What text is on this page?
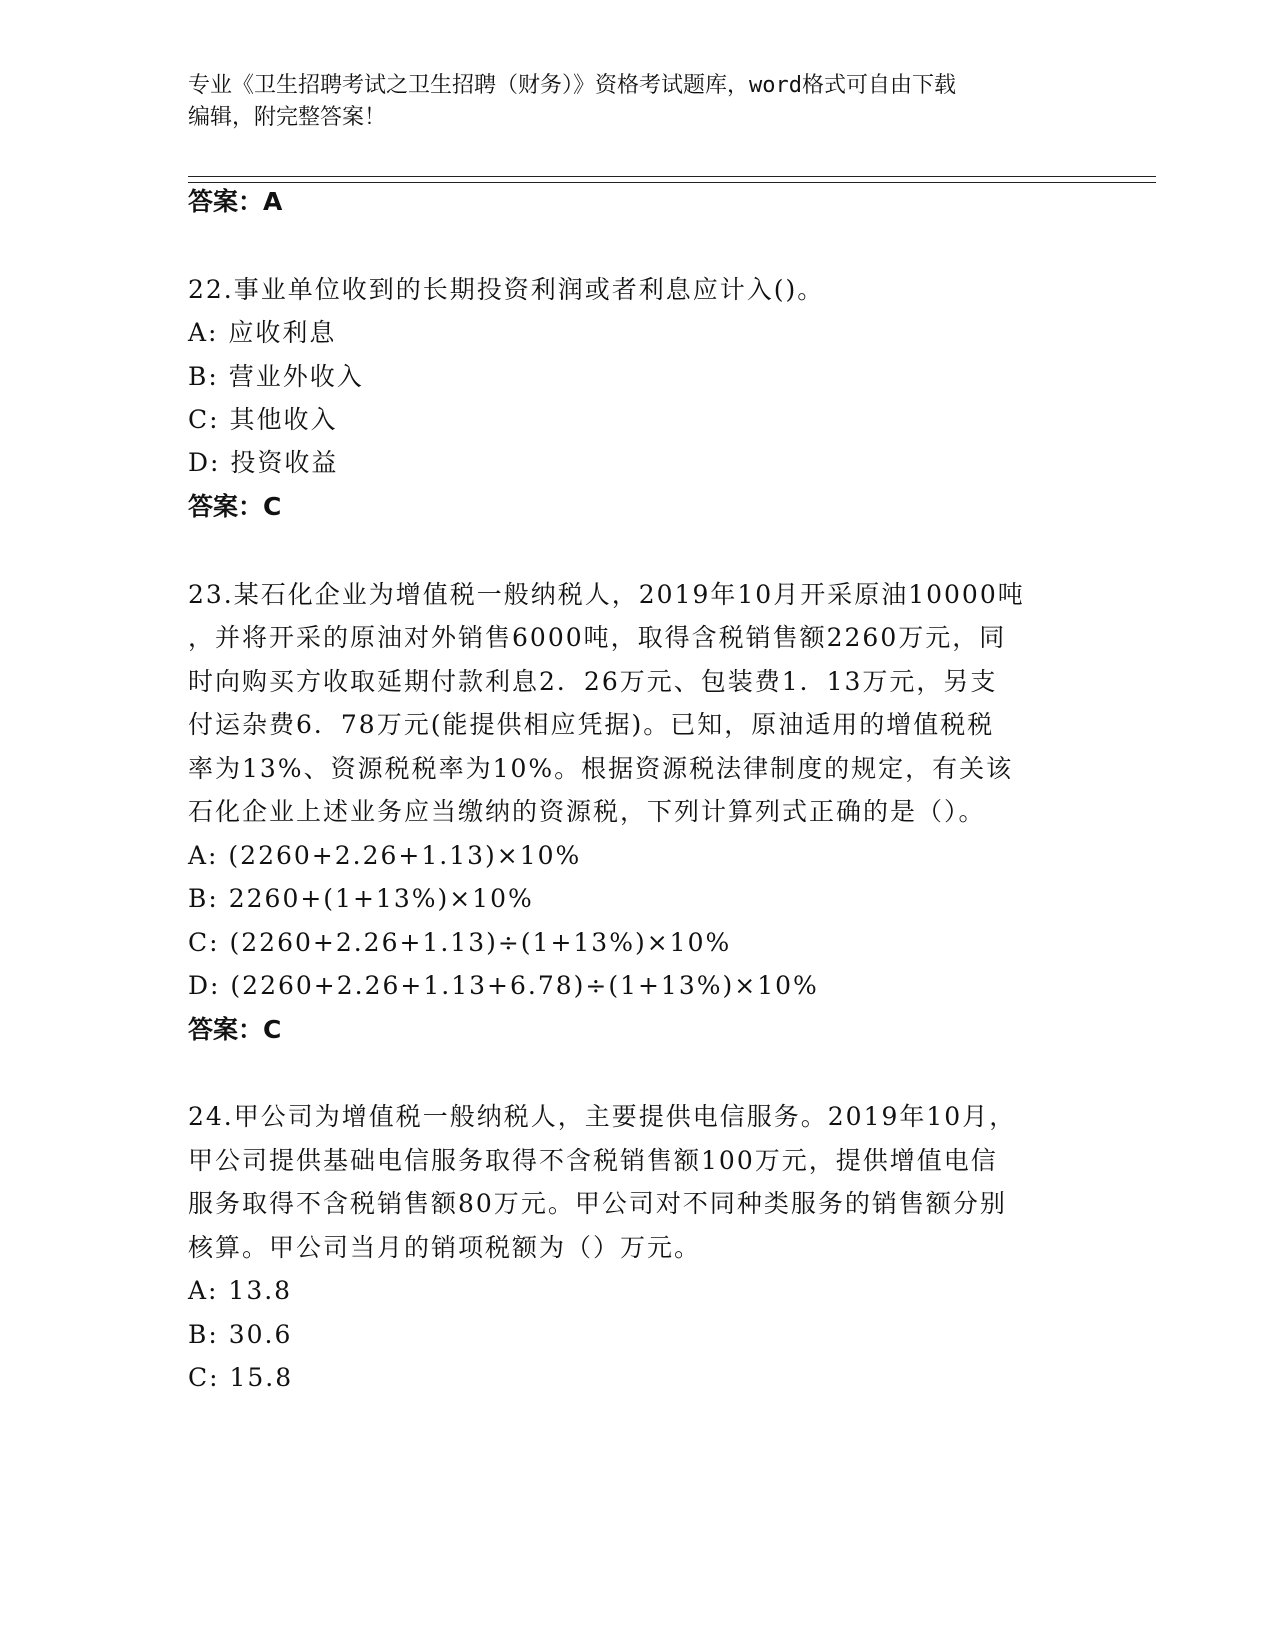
专业《卫生招聘考试之卫生招聘（财务）》资格考试题库，word格式可自由下载
编辑，附完整答案！
答案：A
22.事业单位收到的长期投资利润或者利息应计入()。
A: 应收利息
B: 营业外收入
C: 其他收入
D: 投资收益
答案：C
23.某石化企业为增值税一般纳税人，2019年10月开采原油10000吨
，并将开采的原油对外销售6000吨，取得含税销售额2260万元，同
时向购买方收取延期付款利息2．26万元、包装费1．13万元，另支
付运杂费6．78万元(能提供相应凭据)。已知，原油适用的增值税税
率为13%、资源税税率为10%。根据资源税法律制度的规定，有关该
石化企业上述业务应当缴纳的资源税，下列计算列式正确的是（）。
A: (2260+2.26+1.13)×10%
B: 2260+(1+13%)×10%
C: (2260+2.26+1.13)÷(1+13%)×10%
D: (2260+2.26+1.13+6.78)÷(1+13%)×10%
答案：C
24.甲公司为增值税一般纳税人，主要提供电信服务。2019年10月，
甲公司提供基础电信服务取得不含税销售额100万元，提供增值电信
服务取得不含税销售额80万元。甲公司对不同种类服务的销售额分别
核算。甲公司当月的销项税额为（）万元。
A: 13.8
B: 30.6
C: 15.8
